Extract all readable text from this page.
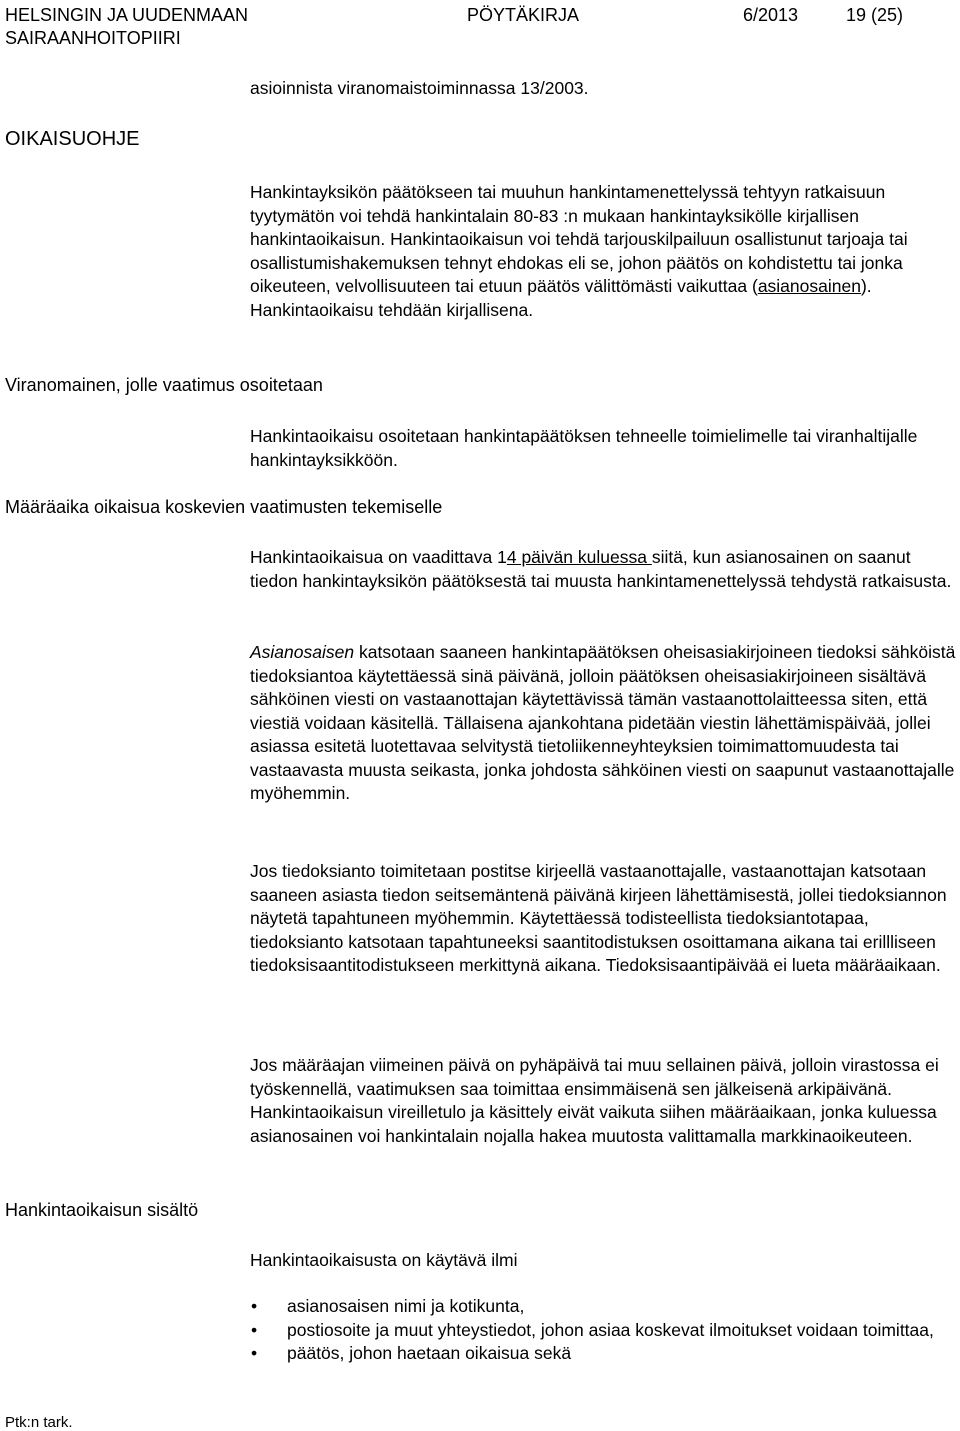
HELSINGIN JA UUDENMAAN
SAIRAANHOITOPIIRI
PÖYTÄKIRJA	6/2013	19 (25)

asioinnista viranomaistoiminnassa 13/2003.

OIKAISUOHJE

Hankintayksikön päätökseen tai muuhun hankintamenettelyssä tehtyyn ratkaisuun tyytymätön voi tehdä hankintalain 80-83 :n mukaan hankintayksikölle kirjallisen hankintaoikaisun. Hankintaoikaisun voi tehdä tarjouskilpailuun osallistunut tarjoaja tai osallistumishakemuksen tehnyt ehdokas eli se, johon päätös on kohdistettu tai jonka oikeuteen, velvollisuuteen tai etuun päätös välittömästi vaikuttaa (asianosainen).
Hankintaoikaisu tehdään kirjallisena.

Viranomainen, jolle vaatimus osoitetaan

Hankintaoikaisu osoitetaan hankintapäätöksen tehneelle toimielimelle tai viranhaltijalle hankintayksikköön.

Määräaika oikaisua koskevien vaatimusten tekemiselle

Hankintaoikaisua on vaadittava 14 päivän kuluessa siitä, kun asianosainen on saanut tiedon hankintayksikön päätöksestä tai muusta hankintamenettelyssä tehdystä ratkaisusta.

Asianosaisen katsotaan saaneen hankintapäätöksen oheisasiakirjoineen tiedoksi sähköistä tiedoksiantoa käytettäessä sinä päivänä, jolloin päätöksen oheisasiakirjoineen sisältävä sähköinen viesti on vastaanottajan käytettävissä tämän vastaanottolaitteessa siten, että viestiä voidaan käsitellä. Tällaisena ajankohtana pidetään viestin lähettämispäivää, jollei asiassa esitetä luotettavaa selvitystä tietoliikenneyhteyksien toimimattomuudesta tai vastaavasta muusta seikasta, jonka johdosta sähköinen viesti on saapunut vastaanottajalle myöhemmin.

Jos tiedoksianto toimitetaan postitse kirjeellä vastaanottajalle, vastaanottajan katsotaan saaneen asiasta tiedon seitsemäntenä päivänä kirjeen lähettämisestä, jollei tiedoksiannon näytetä tapahtuneen myöhemmin. Käytettäessä todisteellista tiedoksiantotapaa, tiedoksianto katsotaan tapahtuneeksi saantitodistuksen osoittamana aikana tai erillliseen tiedoksisaantitodistukseen merkittynä aikana. Tiedoksisaantipäivää ei lueta määräaikaan.

Jos määräajan viimeinen päivä on pyhäpäivä tai muu sellainen päivä, jolloin virastossa ei työskennellä, vaatimuksen saa toimittaa ensimmäisenä sen jälkeisenä arkipäivänä. Hankintaoikaisun vireilletulo ja käsittely eivät vaikuta siihen määräaikaan, jonka kuluessa asianosainen voi hankintalain nojalla hakea muutosta valittamalla markkinaoikeuteen.

Hankintaoikaisun sisältö

Hankintaoikaisusta on käytävä ilmi

• asianosaisen nimi ja kotikunta,
• postiosoite ja muut yhteystiedot, johon asiaa koskevat ilmoitukset voidaan toimittaa,
• päätös, johon haetaan oikaisua sekä
Ptk:n tark.
